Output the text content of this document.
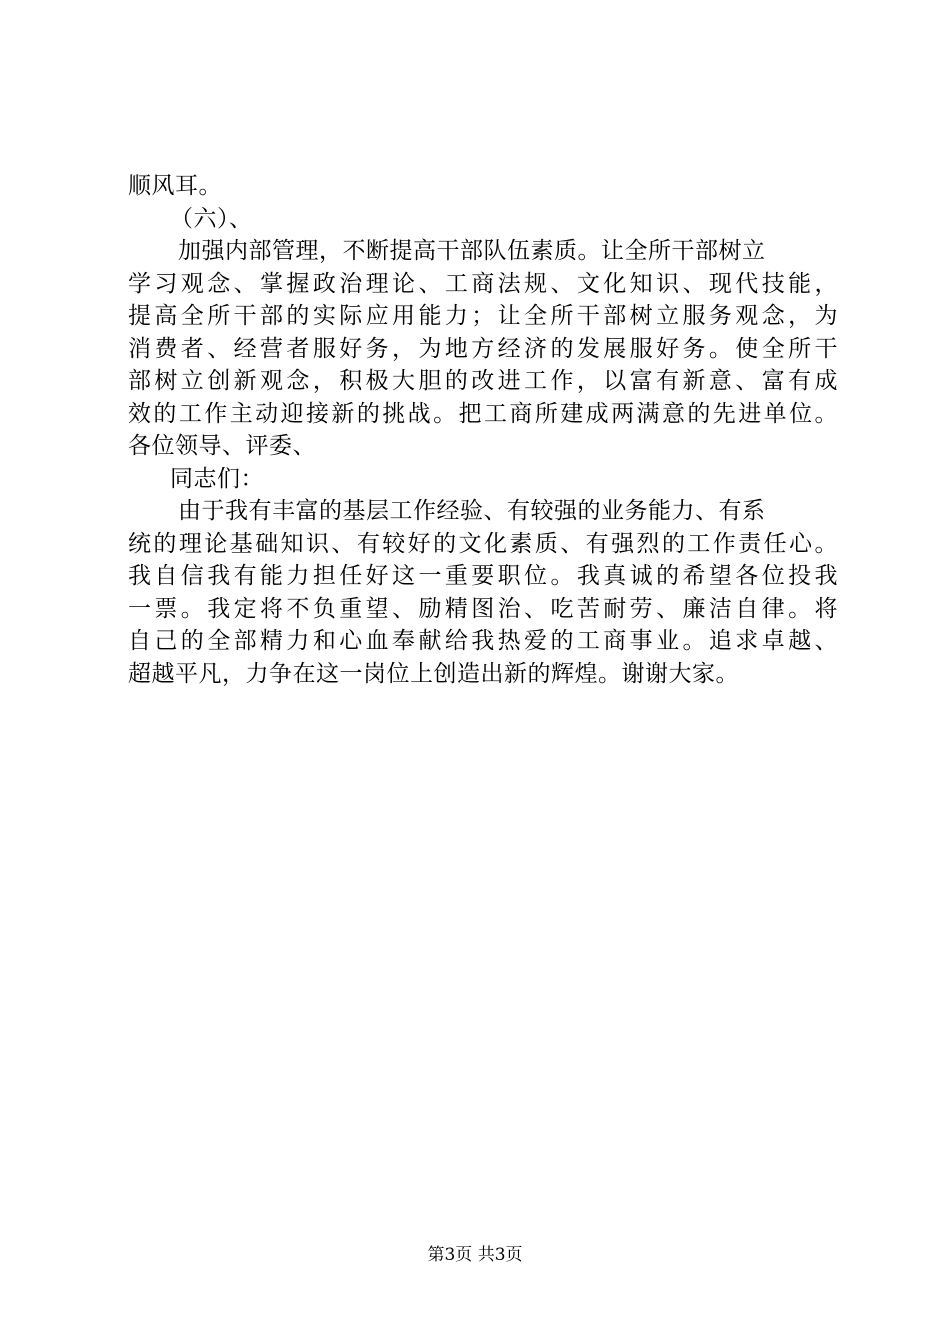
顺风耳。
（六）、
加强内部管理，不断提高干部队伍素质。让全所干部树立
学习观念、掌握政治理论、工商法规、文化知识、现代技能，
提高全所干部的实际应用能力；让全所干部树立服务观念，为
消费者、经营者服好务，为地方经济的发展服好务。使全所干
部树立创新观念，积极大胆的改进工作，以富有新意、富有成
效的工作主动迎接新的挑战。把工商所建成两满意的先进单位。
各位领导、评委、
同志们：
由于我有丰富的基层工作经验、有较强的业务能力、有系
统的理论基础知识、有较好的文化素质、有强烈的工作责任心。
我自信我有能力担任好这一重要职位。我真诚的希望各位投我
一票。我定将不负重望、励精图治、吃苦耐劳、廉洁自律。将
自己的全部精力和心血奉献给我热爱的工商事业。追求卓越、
超越平凡，力争在这一岗位上创造出新的辉煌。谢谢大家。
第3页 共3页
